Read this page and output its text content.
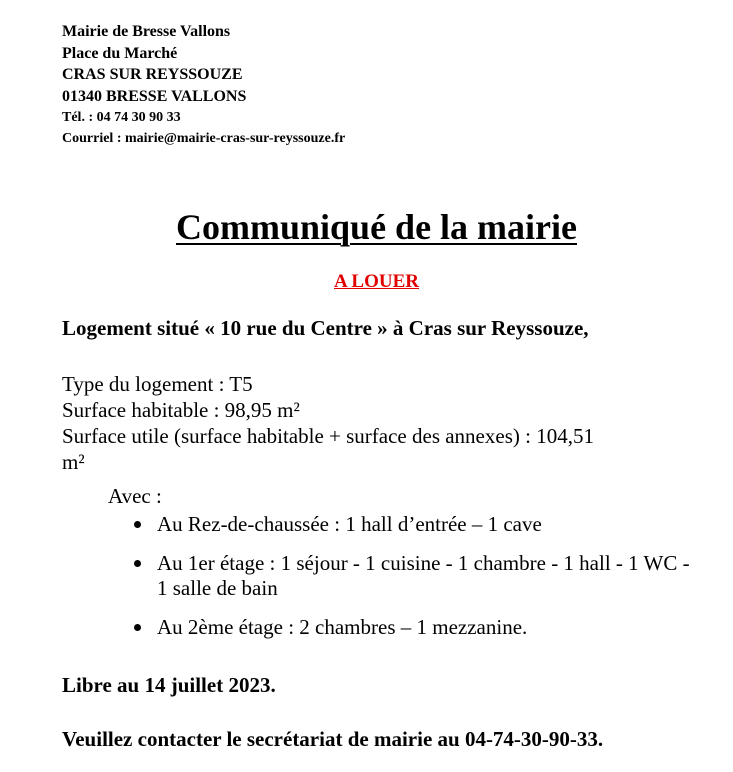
Mairie de Bresse Vallons
Place du Marché
CRAS SUR REYSSOUZE
01340 BRESSE VALLONS
Tél. : 04 74 30 90 33
Courriel : mairie@mairie-cras-sur-reyssouze.fr
Communiqué de la mairie
A LOUER
Logement situé « 10 rue du Centre » à Cras sur Reyssouze,
Type du logement : T5
Surface habitable : 98,95 m²
Surface utile (surface habitable + surface des annexes) : 104,51
m²
Avec :
Au Rez-de-chaussée : 1 hall d’entrée – 1 cave
Au 1er étage : 1 séjour - 1 cuisine - 1 chambre - 1 hall - 1 WC - 1 salle de bain
Au 2ème étage : 2 chambres – 1 mezzanine.
Libre au 14 juillet 2023.
Veuillez contacter le secrétariat de mairie au 04-74-30-90-33.
